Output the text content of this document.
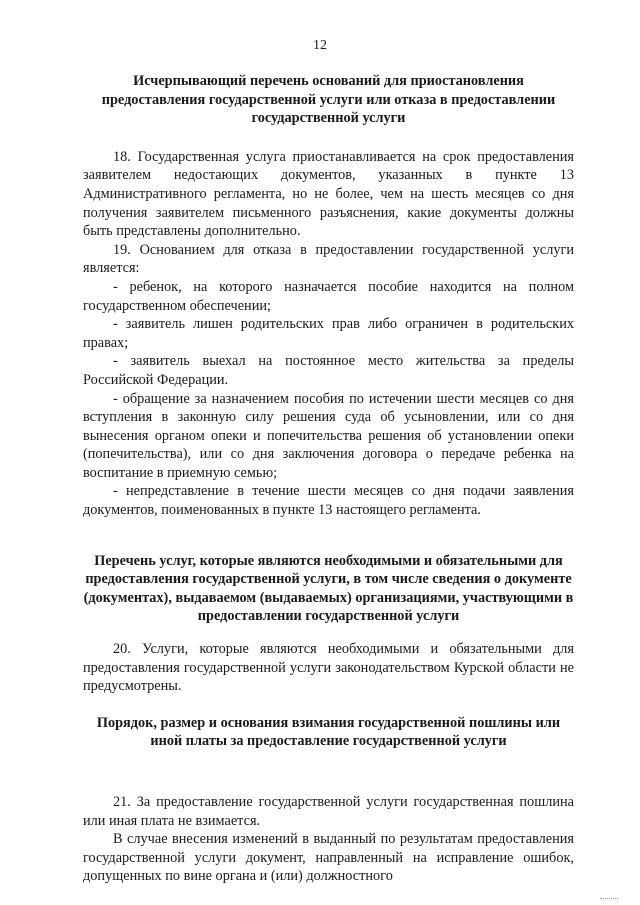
12

Исчерпывающий перечень оснований для приостановления предоставления государственной услуги или отказа в предоставлении государственной услуги

18. Государственная услуга приостанавливается на срок предоставления заявителем недостающих документов, указанных в пункте 13 Административного регламента, но не более, чем на шесть месяцев со дня получения заявителем письменного разъяснения, какие документы должны быть представлены дополнительно.

19. Основанием для отказа в предоставлении государственной услуги является:

- ребенок, на которого назначается пособие находится на полном государственном обеспечении;

- заявитель лишен родительских прав либо ограничен в родительских правах;

- заявитель выехал на постоянное место жительства за пределы Российской Федерации.

- обращение за назначением пособия по истечении шести месяцев со дня вступления в законную силу решения суда об усыновлении, или со дня вынесения органом опеки и попечительства решения об установлении опеки (попечительства), или со дня заключения договора о передаче ребенка на воспитание в приемную семью;

- непредставление в течение шести месяцев со дня подачи заявления документов, поименованных в пункте 13 настоящего регламента.

Перечень услуг, которые являются необходимыми и обязательными для предоставления государственной услуги, в том числе сведения о документе (документах), выдаваемом (выдаваемых) организациями, участвующими в предоставлении государственной услуги

20. Услуги, которые являются необходимыми и обязательными для предоставления государственной услуги законодательством Курской области не предусмотрены.

Порядок, размер и основания взимания государственной пошлины или иной платы за предоставление государственной услуги

21. За предоставление государственной услуги государственная пошлина или иная плата не взимается.

В случае внесения изменений в выданный по результатам предоставления государственной услуги документ, направленный на исправление ошибок, допущенных по вине органа и (или) должностного
